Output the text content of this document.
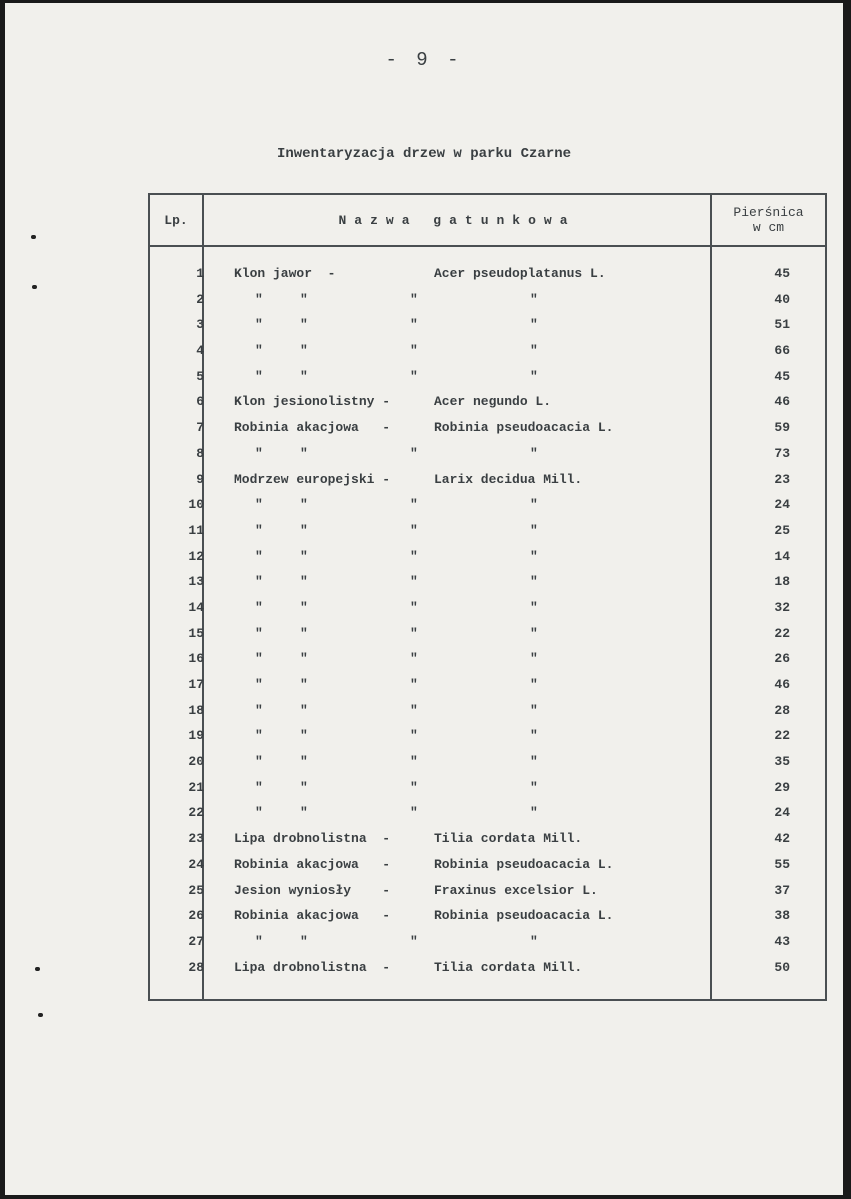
- 9 -
Inwentaryzacja drzew w parku Czarne
Lp.	Nazwa gatunkowa	Pierśnica
w cm
1 Klon jawor  -	Acer pseudoplatanus L.	45
2	"	"	"	"	40
3	"	"	"	"	51
4	"	"	"	"	66
5	"	"	"	"	45
6 Klon jesionolistny -	Acer negundo L.	46
7 Robinia akacjowa   -	Robinia pseudoacacia L.	59
8	"	"	"	"	73
9 Modrzew europejski -	Larix decidua Mill.	23
10	"	"	"	"	24
11	"	"	"	"	25
12	"	"	"	"	14
13	"	"	"	"	18
14	"	"	"	"	32
15	"	"	"	"	22
16	"	"	"	"	26
17	"	"	"	"	46
18	"	"	"	"	28
19	"	"	"	"	22
20	"	"	"	"	35
21	"	"	"	"	29
22	"	"	"	"	24
23 Lipa drobnolistna  -	Tilia cordata Mill.	42
24 Robinia akacjowa   -	Robinia pseudoacacia L.	55
25 Jesion wyniosły    -	Fraxinus excelsior L.	37
26 Robinia akacjowa   -	Robinia pseudoacacia L.	38
27	"	"	"	"	43
28 Lipa drobnolistna  -	Tilia cordata Mill.	50
